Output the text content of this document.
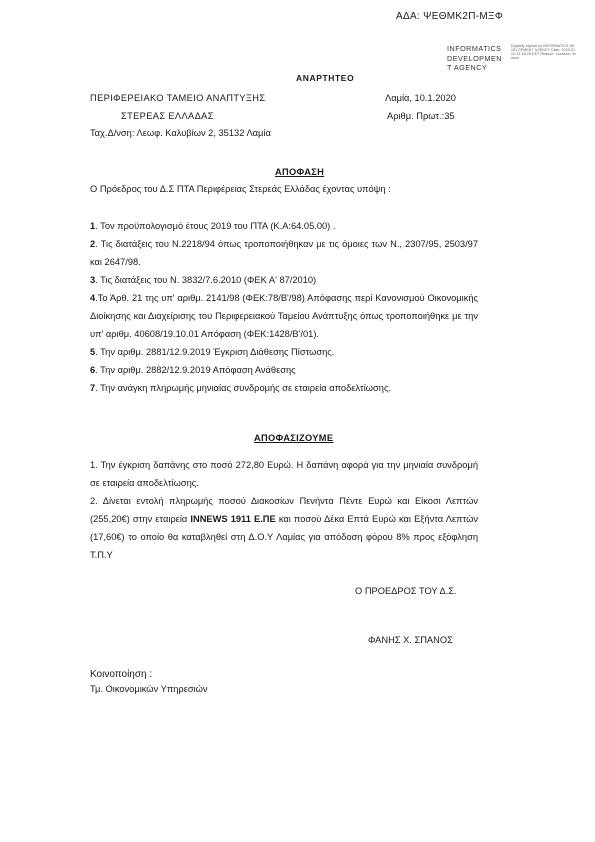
ΑΔΑ: ΨΕΘΜΚ2Π-ΜΞΦ
INFORMATICS
DEVELOPMEN
T AGENCY
Digitally signed by INFORMATICS DEVELOPMENT AGENCY Date: 2020.01.10 13:33:25 EET Reason: Location: Athens
ΑΝΑΡΤΗΤΕΟ
ΠΕΡΙΦΕΡΕΙΑΚΟ ΤΑΜΕΙΟ ΑΝΑΠΤΥΞΗΣ	Λαμία, 10.1.2020
ΣΤΕΡΕΑΣ ΕΛΛΑΔΑΣ	Αριθμ. Πρωτ.:35
Ταχ.Δ/νση: Λεωφ. Καλυβίων 2, 35132 Λαμία
ΑΠΟΦΑΣΗ
Ο Πρόεδρος του Δ.Σ ΠΤΑ Περιφέρειας Στερεάς Ελλάδας έχοντας υπόψη :
1. Τον προϋπολογισμό έτους 2019 του ΠΤΑ (Κ.Α:64.05.00) .
2. Τις διατάξεις του Ν.2218/94 όπως τροποποιήθηκαν με τις όμοιες των Ν., 2307/95, 2503/97 και 2647/98.
3. Τις διατάξεις του Ν. 3832/7.6.2010 (ΦΕΚ Α' 87/2010)
4.Το Άρθ. 21 της υπ' αριθμ. 2141/98 (ΦΕΚ:78/Β'/98) Απόφασης περί Κανονισμού Οικονομικής Διοίκησης και Διαχείρισης του Περιφερειακού Ταμείου Ανάπτυξης όπως τροποποιήθηκε με την υπ' αριθμ. 40608/19.10.01 Απόφαση (ΦΕΚ:1428/Β'/01).
5. Την αριθμ. 2881/12.9.2019 Έγκριση Διάθεσης Πίστωσης.
6. Την αριθμ. 2882/12.9.2019 Απόφαση Ανάθεσης
7. Την ανάγκη πληρωμής μηνιαίας συνδρομής σε εταιρεία αποδελτίωσης.
ΑΠΟΦΑΣΙΖΟΥΜΕ
1. Την έγκριση δαπάνης στο ποσό 272,80 Ευρώ. Η δαπάνη αφορά για την μηνιαία συνδρομή σε εταιρεία αποδελτίωσης.
2. Δίνεται εντολή πληρωμής ποσού Διακοσίων Πενήντα Πέντε Ευρώ και Είκοσι Λεπτών (255,20€) στην εταιρεία INNEWS 1911 Ε.ΠΕ και ποσού Δέκα Επτά Ευρώ και Εξήντα Λεπτών (17,60€) το οποίο θα καταβληθεί στη Δ.Ο.Υ Λαμίας για απόδοση φόρου 8% προς εξόφληση Τ.Π.Υ
Ο ΠΡΟΕΔΡΟΣ ΤΟΥ Δ.Σ.
ΦΑΝΗΣ Χ. ΣΠΑΝΟΣ
Κοινοποίηση :
Τμ. Οικονομικών Υπηρεσιών
